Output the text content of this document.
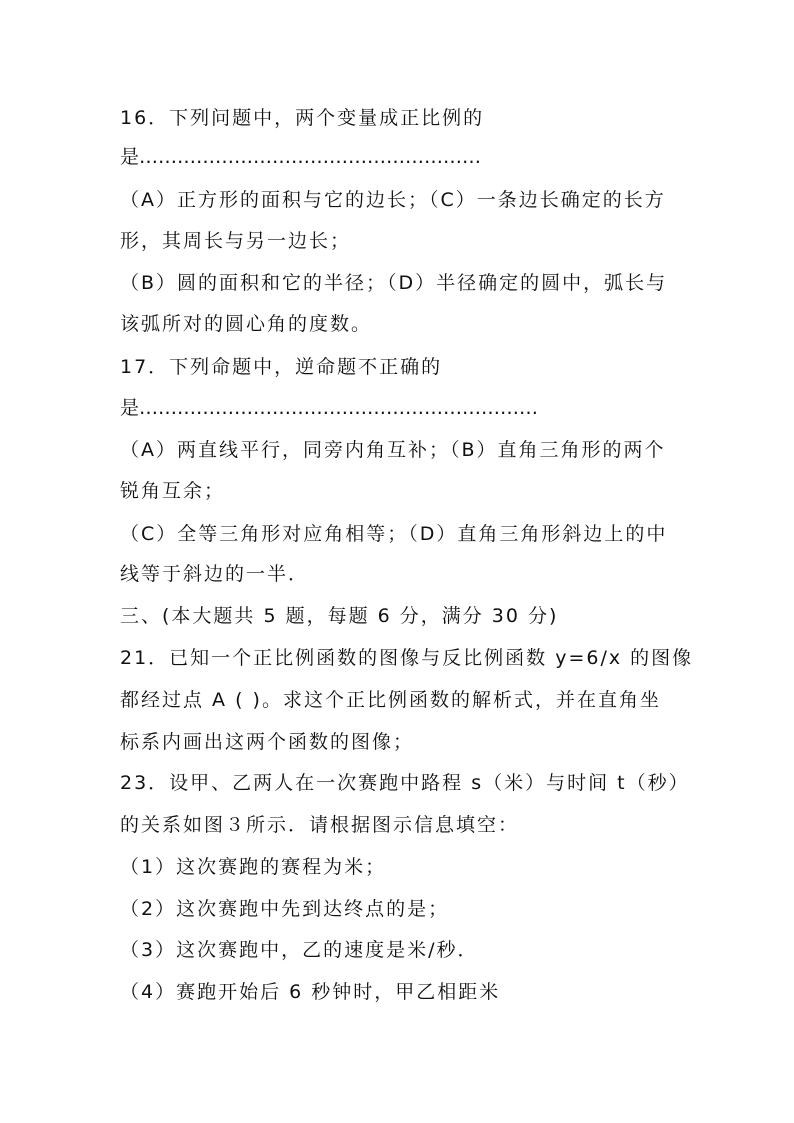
16．下列问题中，两个变量成正比例的
是………………………………………………
（A）正方形的面积与它的边长；（C）一条边长确定的长方
形，其周长与另一边长；
（B）圆的面积和它的半径；（D）半径确定的圆中，弧长与
该弧所对的圆心角的度数。
17．下列命题中，逆命题不正确的
是………………………………………………………
（A）两直线平行，同旁内角互补；（B）直角三角形的两个
锐角互余；
（C）全等三角形对应角相等；（D）直角三角形斜边上的中
线等于斜边的一半．
三、(本大题共 5 题，每题 6 分，满分 30 分)
21．已知一个正比例函数的图像与反比例函数 y=6/x 的图像
都经过点 A ( )。求这个正比例函数的解析式，并在直角坐
标系内画出这两个函数的图像；
23．设甲、乙两人在一次赛跑中路程 s（米）与时间 t（秒）
的关系如图３所示．请根据图示信息填空：
（1）这次赛跑的赛程为米；
（2）这次赛跑中先到达终点的是；
（3）这次赛跑中，乙的速度是米/秒．
（4）赛跑开始后 6 秒钟时，甲乙相距米
